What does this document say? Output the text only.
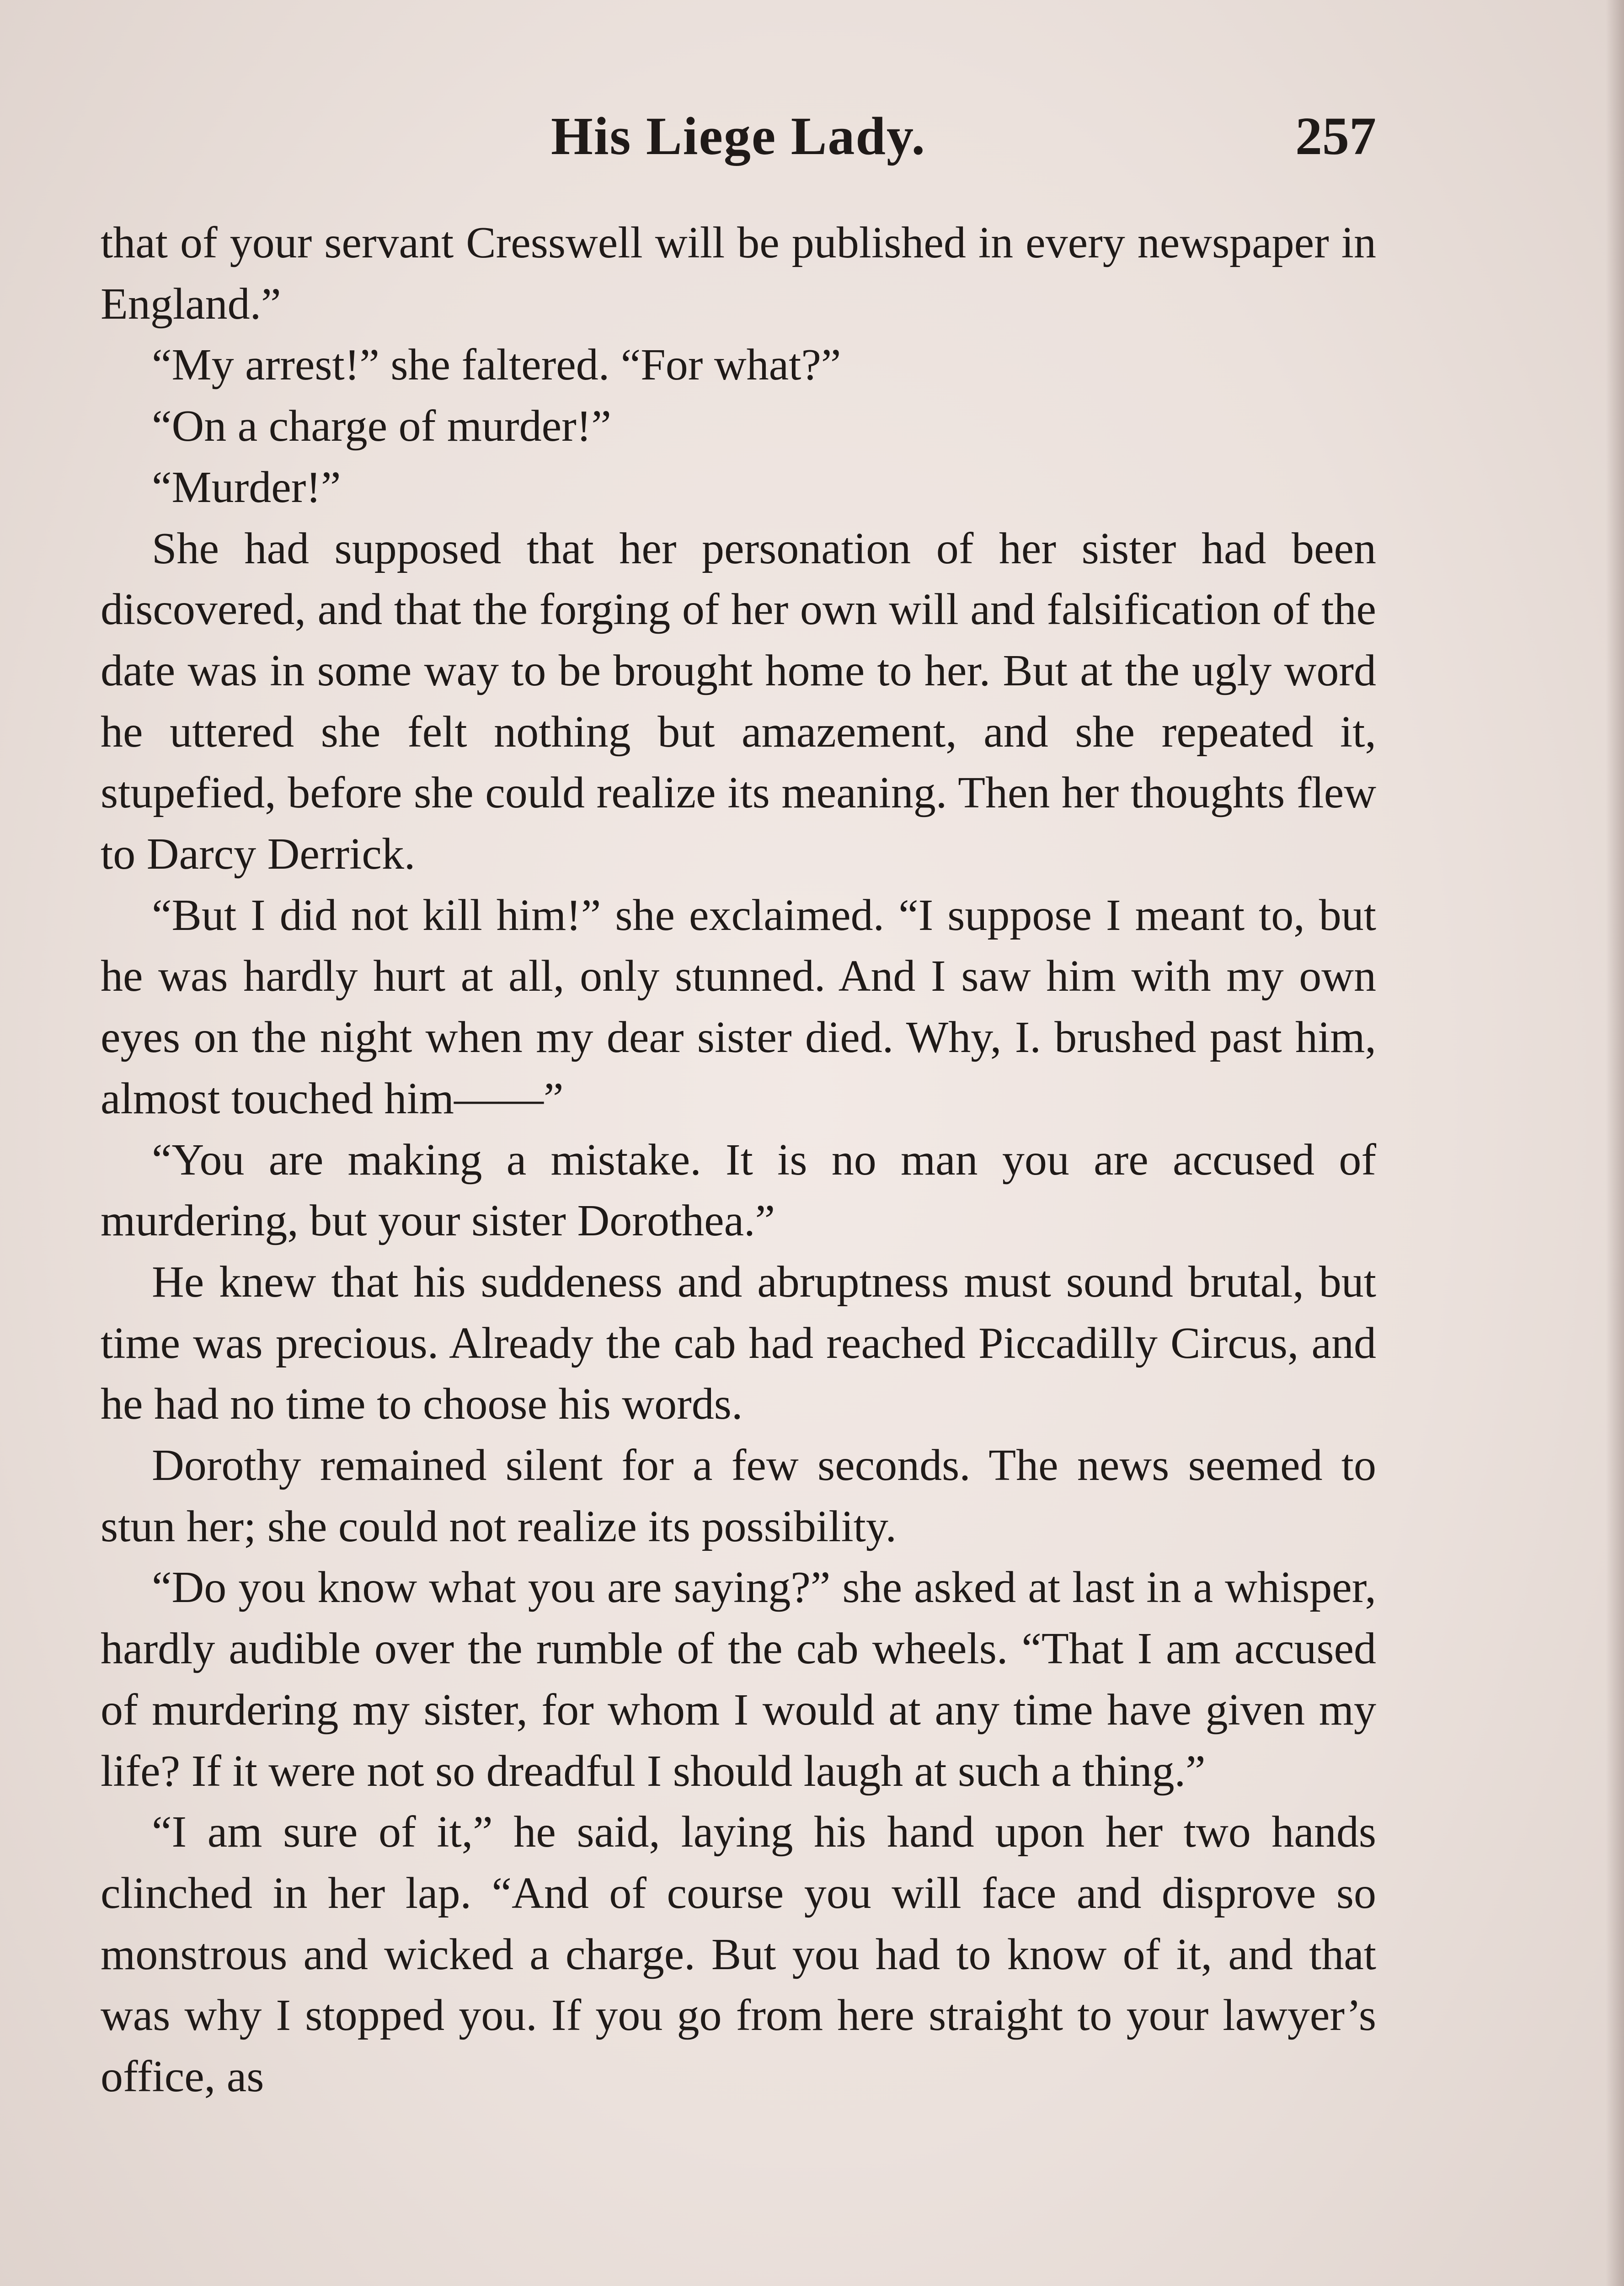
His Liege Lady.	257

that of your servant Cresswell will be published in every newspaper in England.”

“My arrest!” she faltered. “For what?”

“On a charge of murder!”

“Murder!”

She had supposed that her personation of her sister had been discovered, and that the forging of her own will and falsification of the date was in some way to be brought home to her. But at the ugly word he uttered she felt nothing but amazement, and she repeated it, stupefied, before she could realize its meaning. Then her thoughts flew to Darcy Derrick.

“But I did not kill him!” she exclaimed. “I suppose I meant to, but he was hardly hurt at all, only stunned. And I saw him with my own eyes on the night when my dear sister died. Why, I. brushed past him, almost touched him——”

“You are making a mistake. It is no man you are accused of murdering, but your sister Dorothea.”

He knew that his suddeness and abruptness must sound brutal, but time was precious. Already the cab had reached Piccadilly Circus, and he had no time to choose his words.

Dorothy remained silent for a few seconds. The news seemed to stun her; she could not realize its possibility.

“Do you know what you are saying?” she asked at last in a whisper, hardly audible over the rumble of the cab wheels. “That I am accused of murdering my sister, for whom I would at any time have given my life? If it were not so dreadful I should laugh at such a thing.”

“I am sure of it,” he said, laying his hand upon her two hands clinched in her lap. “And of course you will face and disprove so monstrous and wicked a charge. But you had to know of it, and that was why I stopped you. If you go from here straight to your lawyer’s office, as
